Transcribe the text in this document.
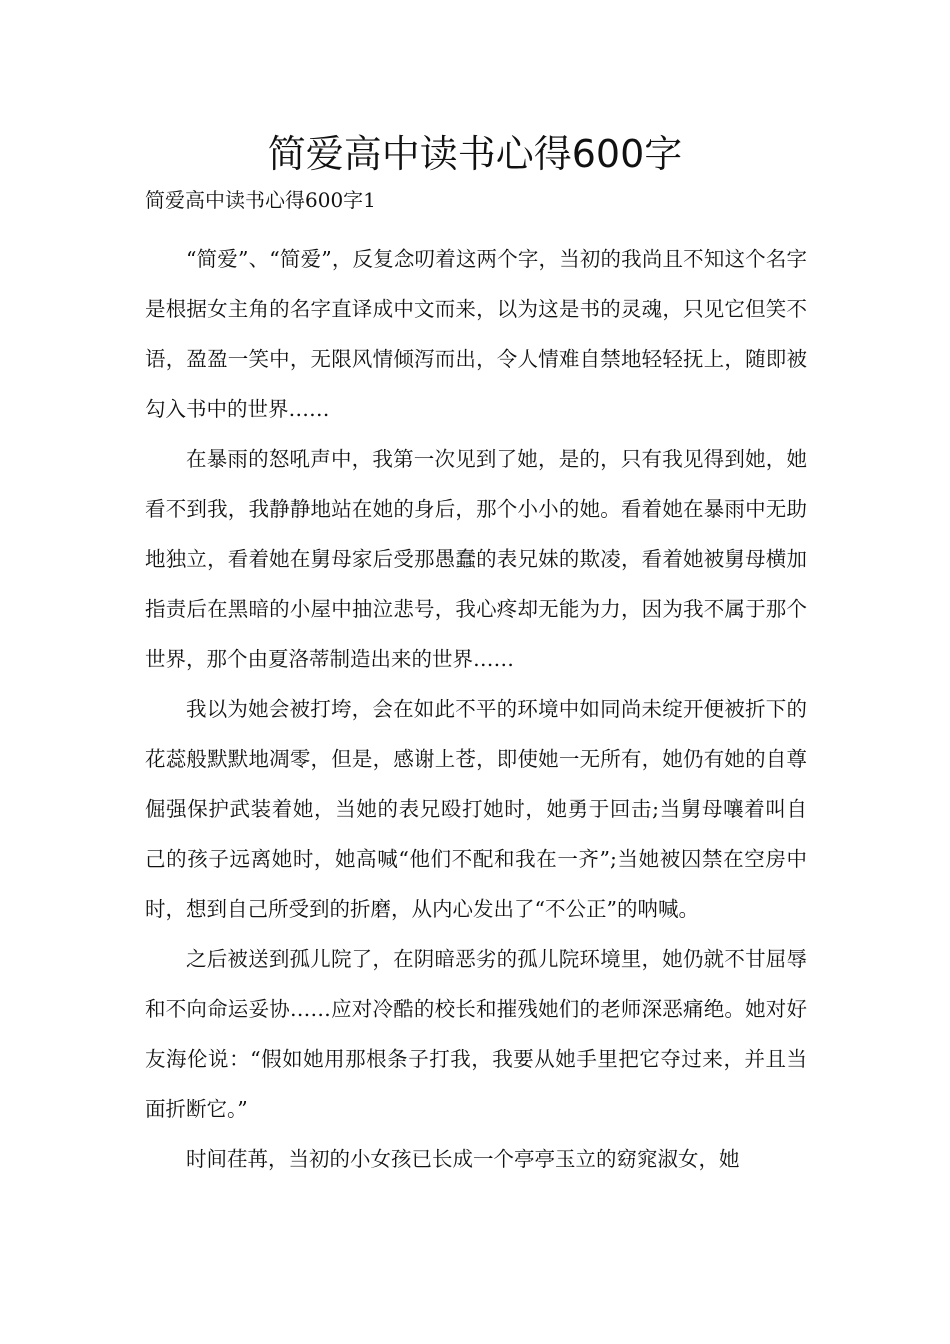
简爱高中读书心得600字

简爱高中读书心得600字1

“简爱”、“简爱”，反复念叨着这两个字，当初的我尚且不知这个名字是根据女主角的名字直译成中文而来，以为这是书的灵魂，只见它但笑不语，盈盈一笑中，无限风情倾泻而出，令人情难自禁地轻轻抚上，随即被勾入书中的世界……

在暴雨的怒吼声中，我第一次见到了她，是的，只有我见得到她，她看不到我，我静静地站在她的身后，那个小小的她。看着她在暴雨中无助地独立，看着她在舅母家后受那愚蠢的表兄妹的欺凌，看着她被舅母横加指责后在黑暗的小屋中抽泣悲号，我心疼却无能为力，因为我不属于那个世界，那个由夏洛蒂制造出来的世界……

我以为她会被打垮，会在如此不平的环境中如同尚未绽开便被折下的花蕊般默默地凋零，但是，感谢上苍，即使她一无所有，她仍有她的自尊倔强保护武装着她，当她的表兄殴打她时，她勇于回击;当舅母嚷着叫自己的孩子远离她时，她高喊“他们不配和我在一齐”;当她被囚禁在空房中时，想到自己所受到的折磨，从内心发出了“不公正”的呐喊。

之后被送到孤儿院了，在阴暗恶劣的孤儿院环境里，她仍就不甘屈辱和不向命运妥协……应对冷酷的校长和摧残她们的老师深恶痛绝。她对好友海伦说：“假如她用那根条子打我，我要从她手里把它夺过来，并且当面折断它。”

时间荏苒，当初的小女孩已长成一个亭亭玉立的窈窕淑女，她
